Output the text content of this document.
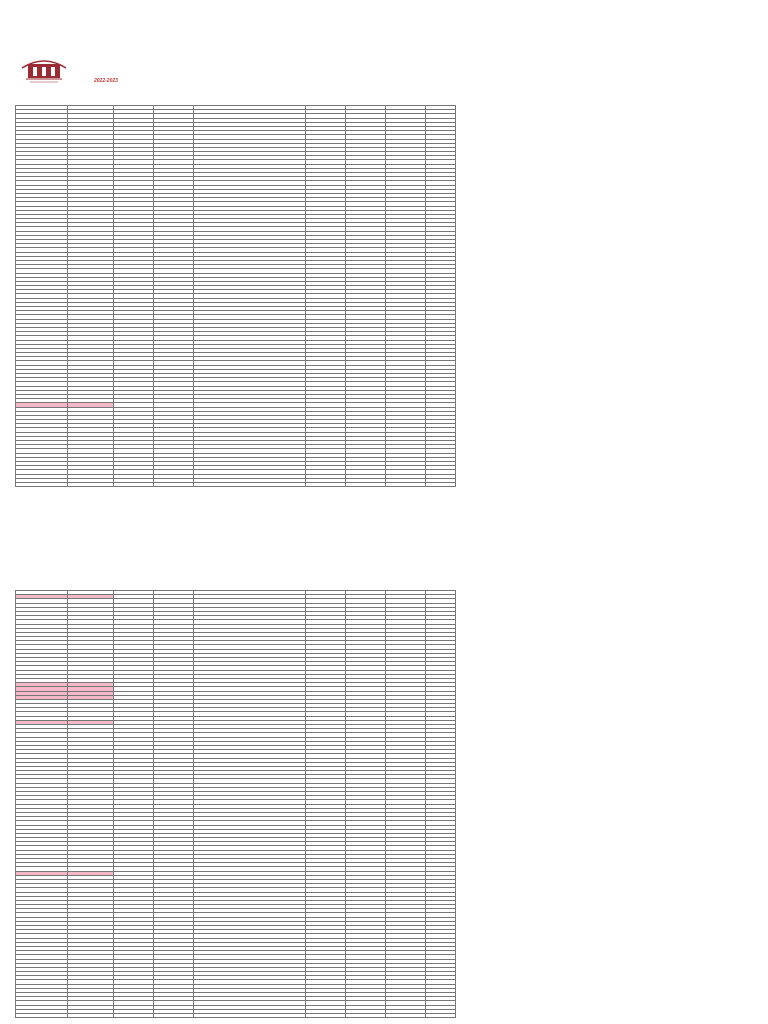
2022-2023
